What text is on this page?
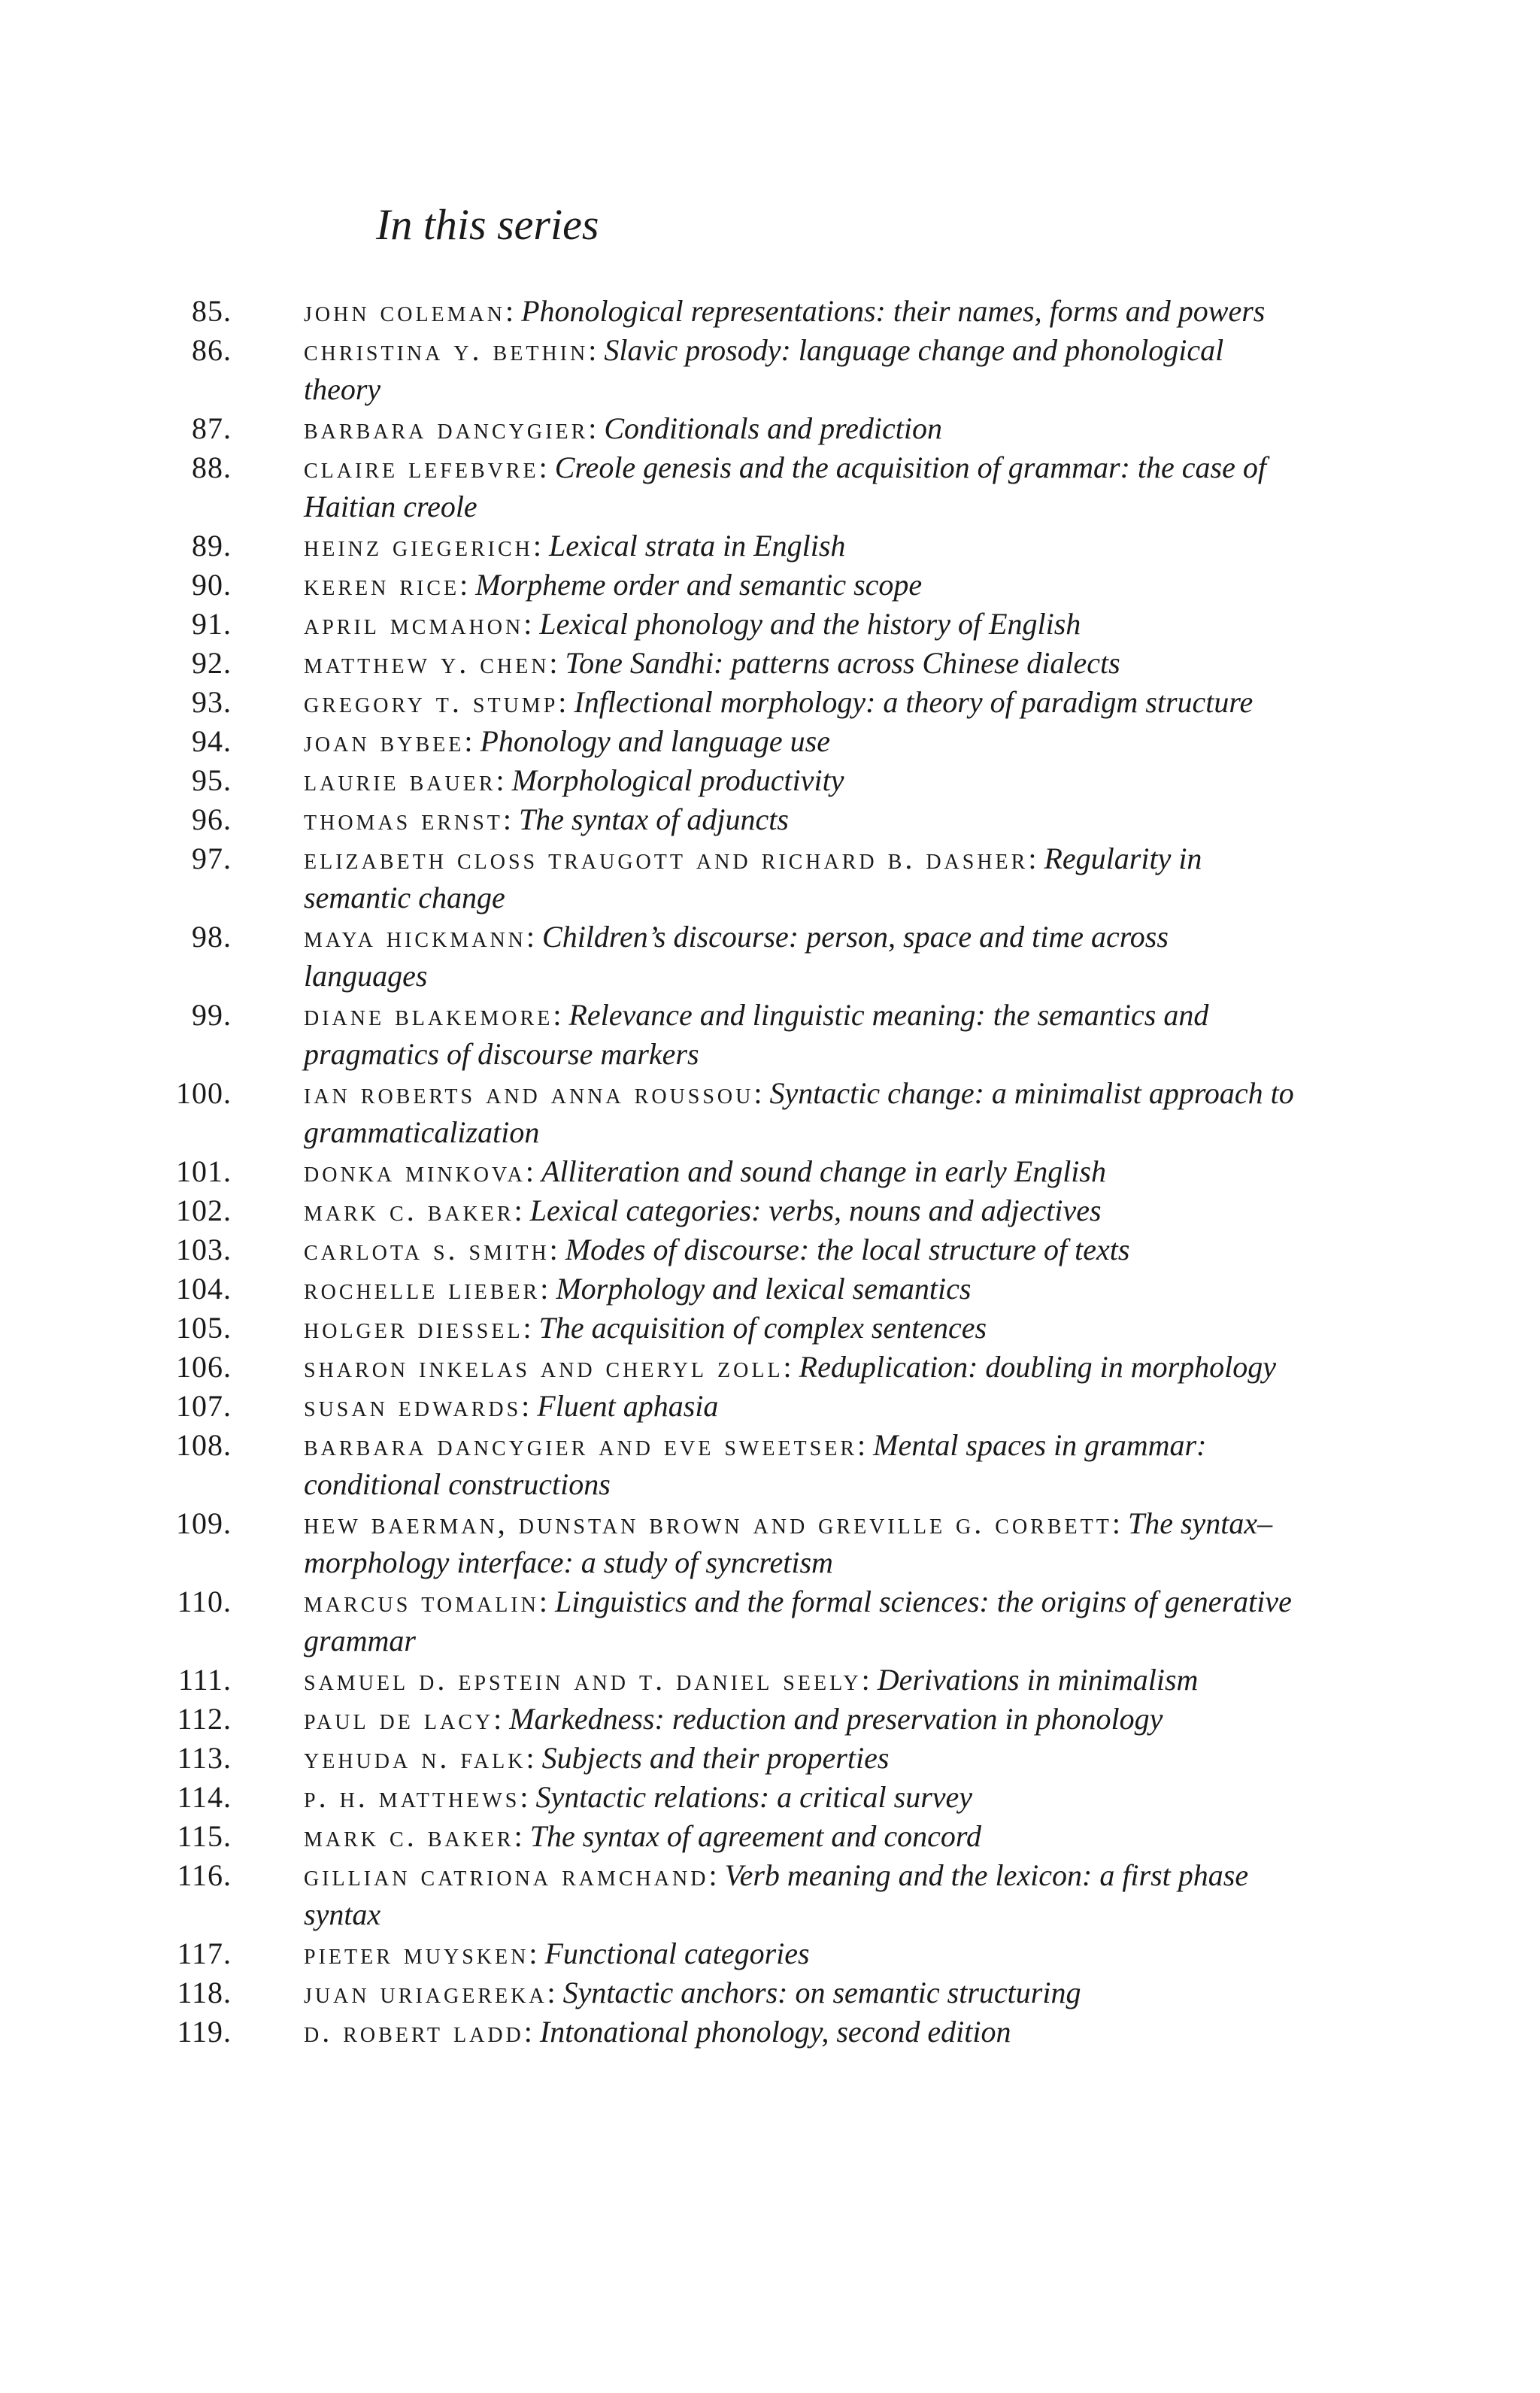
In this series
85.	john coleman: Phonological representations: their names, forms and powers
86.	christina y. bethin: Slavic prosody: language change and phonological theory
87.	barbara dancygier: Conditionals and prediction
88.	claire lefebvre: Creole genesis and the acquisition of grammar: the case of Haitian creole
89.	heinz giegerich: Lexical strata in English
90.	keren rice: Morpheme order and semantic scope
91.	april mcmahon: Lexical phonology and the history of English
92.	matthew y. chen: Tone Sandhi: patterns across Chinese dialects
93.	gregory t. stump: Inflectional morphology: a theory of paradigm structure
94.	joan bybee: Phonology and language use
95.	laurie bauer: Morphological productivity
96.	thomas ernst: The syntax of adjuncts
97.	elizabeth closs traugott and richard b. dasher: Regularity in semantic change
98.	maya hickmann: Children’s discourse: person, space and time across languages
99.	diane blakemore: Relevance and linguistic meaning: the semantics and pragmatics of discourse markers
100.	ian roberts and anna roussou: Syntactic change: a minimalist approach to grammaticalization
101.	donka minkova: Alliteration and sound change in early English
102.	mark c. baker: Lexical categories: verbs, nouns and adjectives
103.	carlota s. smith: Modes of discourse: the local structure of texts
104.	rochelle lieber: Morphology and lexical semantics
105.	holger diessel: The acquisition of complex sentences
106.	sharon inkelas and cheryl zoll: Reduplication: doubling in morphology
107.	susan edwards: Fluent aphasia
108.	barbara dancygier and eve sweetser: Mental spaces in grammar: conditional constructions
109.	hew baerman, dunstan brown and greville g. corbett: The syntax–morphology interface: a study of syncretism
110.	marcus tomalin: Linguistics and the formal sciences: the origins of generative grammar
111.	samuel d. epstein and t. daniel seely: Derivations in minimalism
112.	paul de lacy: Markedness: reduction and preservation in phonology
113.	yehuda n. falk: Subjects and their properties
114.	p. h. matthews: Syntactic relations: a critical survey
115.	mark c. baker: The syntax of agreement and concord
116.	gillian catriona ramchand: Verb meaning and the lexicon: a first phase syntax
117.	pieter muysken: Functional categories
118.	juan uriagereka: Syntactic anchors: on semantic structuring
119.	d. robert ladd: Intonational phonology, second edition
